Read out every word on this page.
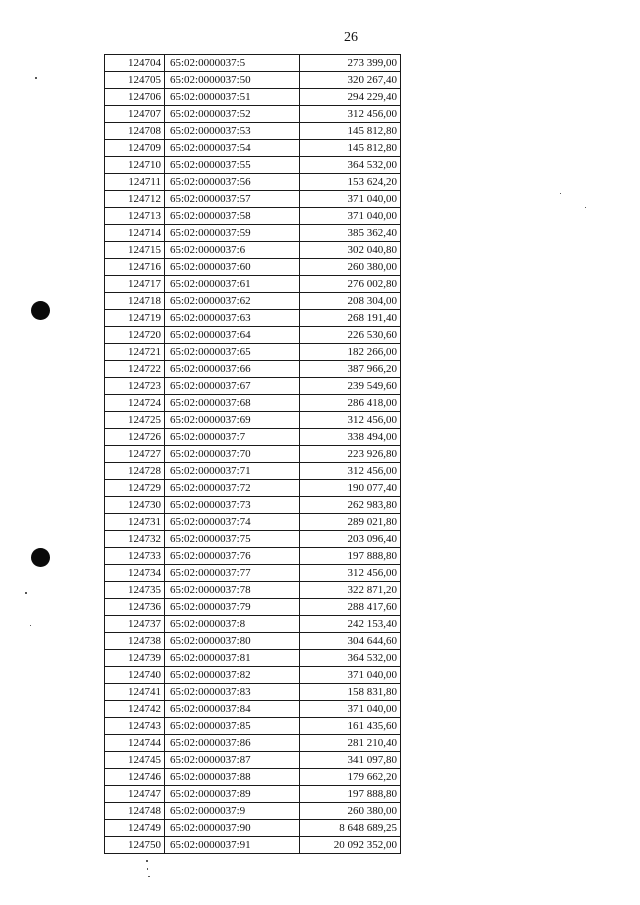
26
124704	65:02:0000037:5	273 399,00
124705	65:02:0000037:50	320 267,40
124706	65:02:0000037:51	294 229,40
124707	65:02:0000037:52	312 456,00
124708	65:02:0000037:53	145 812,80
124709	65:02:0000037:54	145 812,80
124710	65:02:0000037:55	364 532,00
124711	65:02:0000037:56	153 624,20
124712	65:02:0000037:57	371 040,00
124713	65:02:0000037:58	371 040,00
124714	65:02:0000037:59	385 362,40
124715	65:02:0000037:6	302 040,80
124716	65:02:0000037:60	260 380,00
124717	65:02:0000037:61	276 002,80
124718	65:02:0000037:62	208 304,00
124719	65:02:0000037:63	268 191,40
124720	65:02:0000037:64	226 530,60
124721	65:02:0000037:65	182 266,00
124722	65:02:0000037:66	387 966,20
124723	65:02:0000037:67	239 549,60
124724	65:02:0000037:68	286 418,00
124725	65:02:0000037:69	312 456,00
124726	65:02:0000037:7	338 494,00
124727	65:02:0000037:70	223 926,80
124728	65:02:0000037:71	312 456,00
124729	65:02:0000037:72	190 077,40
124730	65:02:0000037:73	262 983,80
124731	65:02:0000037:74	289 021,80
124732	65:02:0000037:75	203 096,40
124733	65:02:0000037:76	197 888,80
124734	65:02:0000037:77	312 456,00
124735	65:02:0000037:78	322 871,20
124736	65:02:0000037:79	288 417,60
124737	65:02:0000037:8	242 153,40
124738	65:02:0000037:80	304 644,60
124739	65:02:0000037:81	364 532,00
124740	65:02:0000037:82	371 040,00
124741	65:02:0000037:83	158 831,80
124742	65:02:0000037:84	371 040,00
124743	65:02:0000037:85	161 435,60
124744	65:02:0000037:86	281 210,40
124745	65:02:0000037:87	341 097,80
124746	65:02:0000037:88	179 662,20
124747	65:02:0000037:89	197 888,80
124748	65:02:0000037:9	260 380,00
124749	65:02:0000037:90	8 648 689,25
124750	65:02:0000037:91	20 092 352,00
